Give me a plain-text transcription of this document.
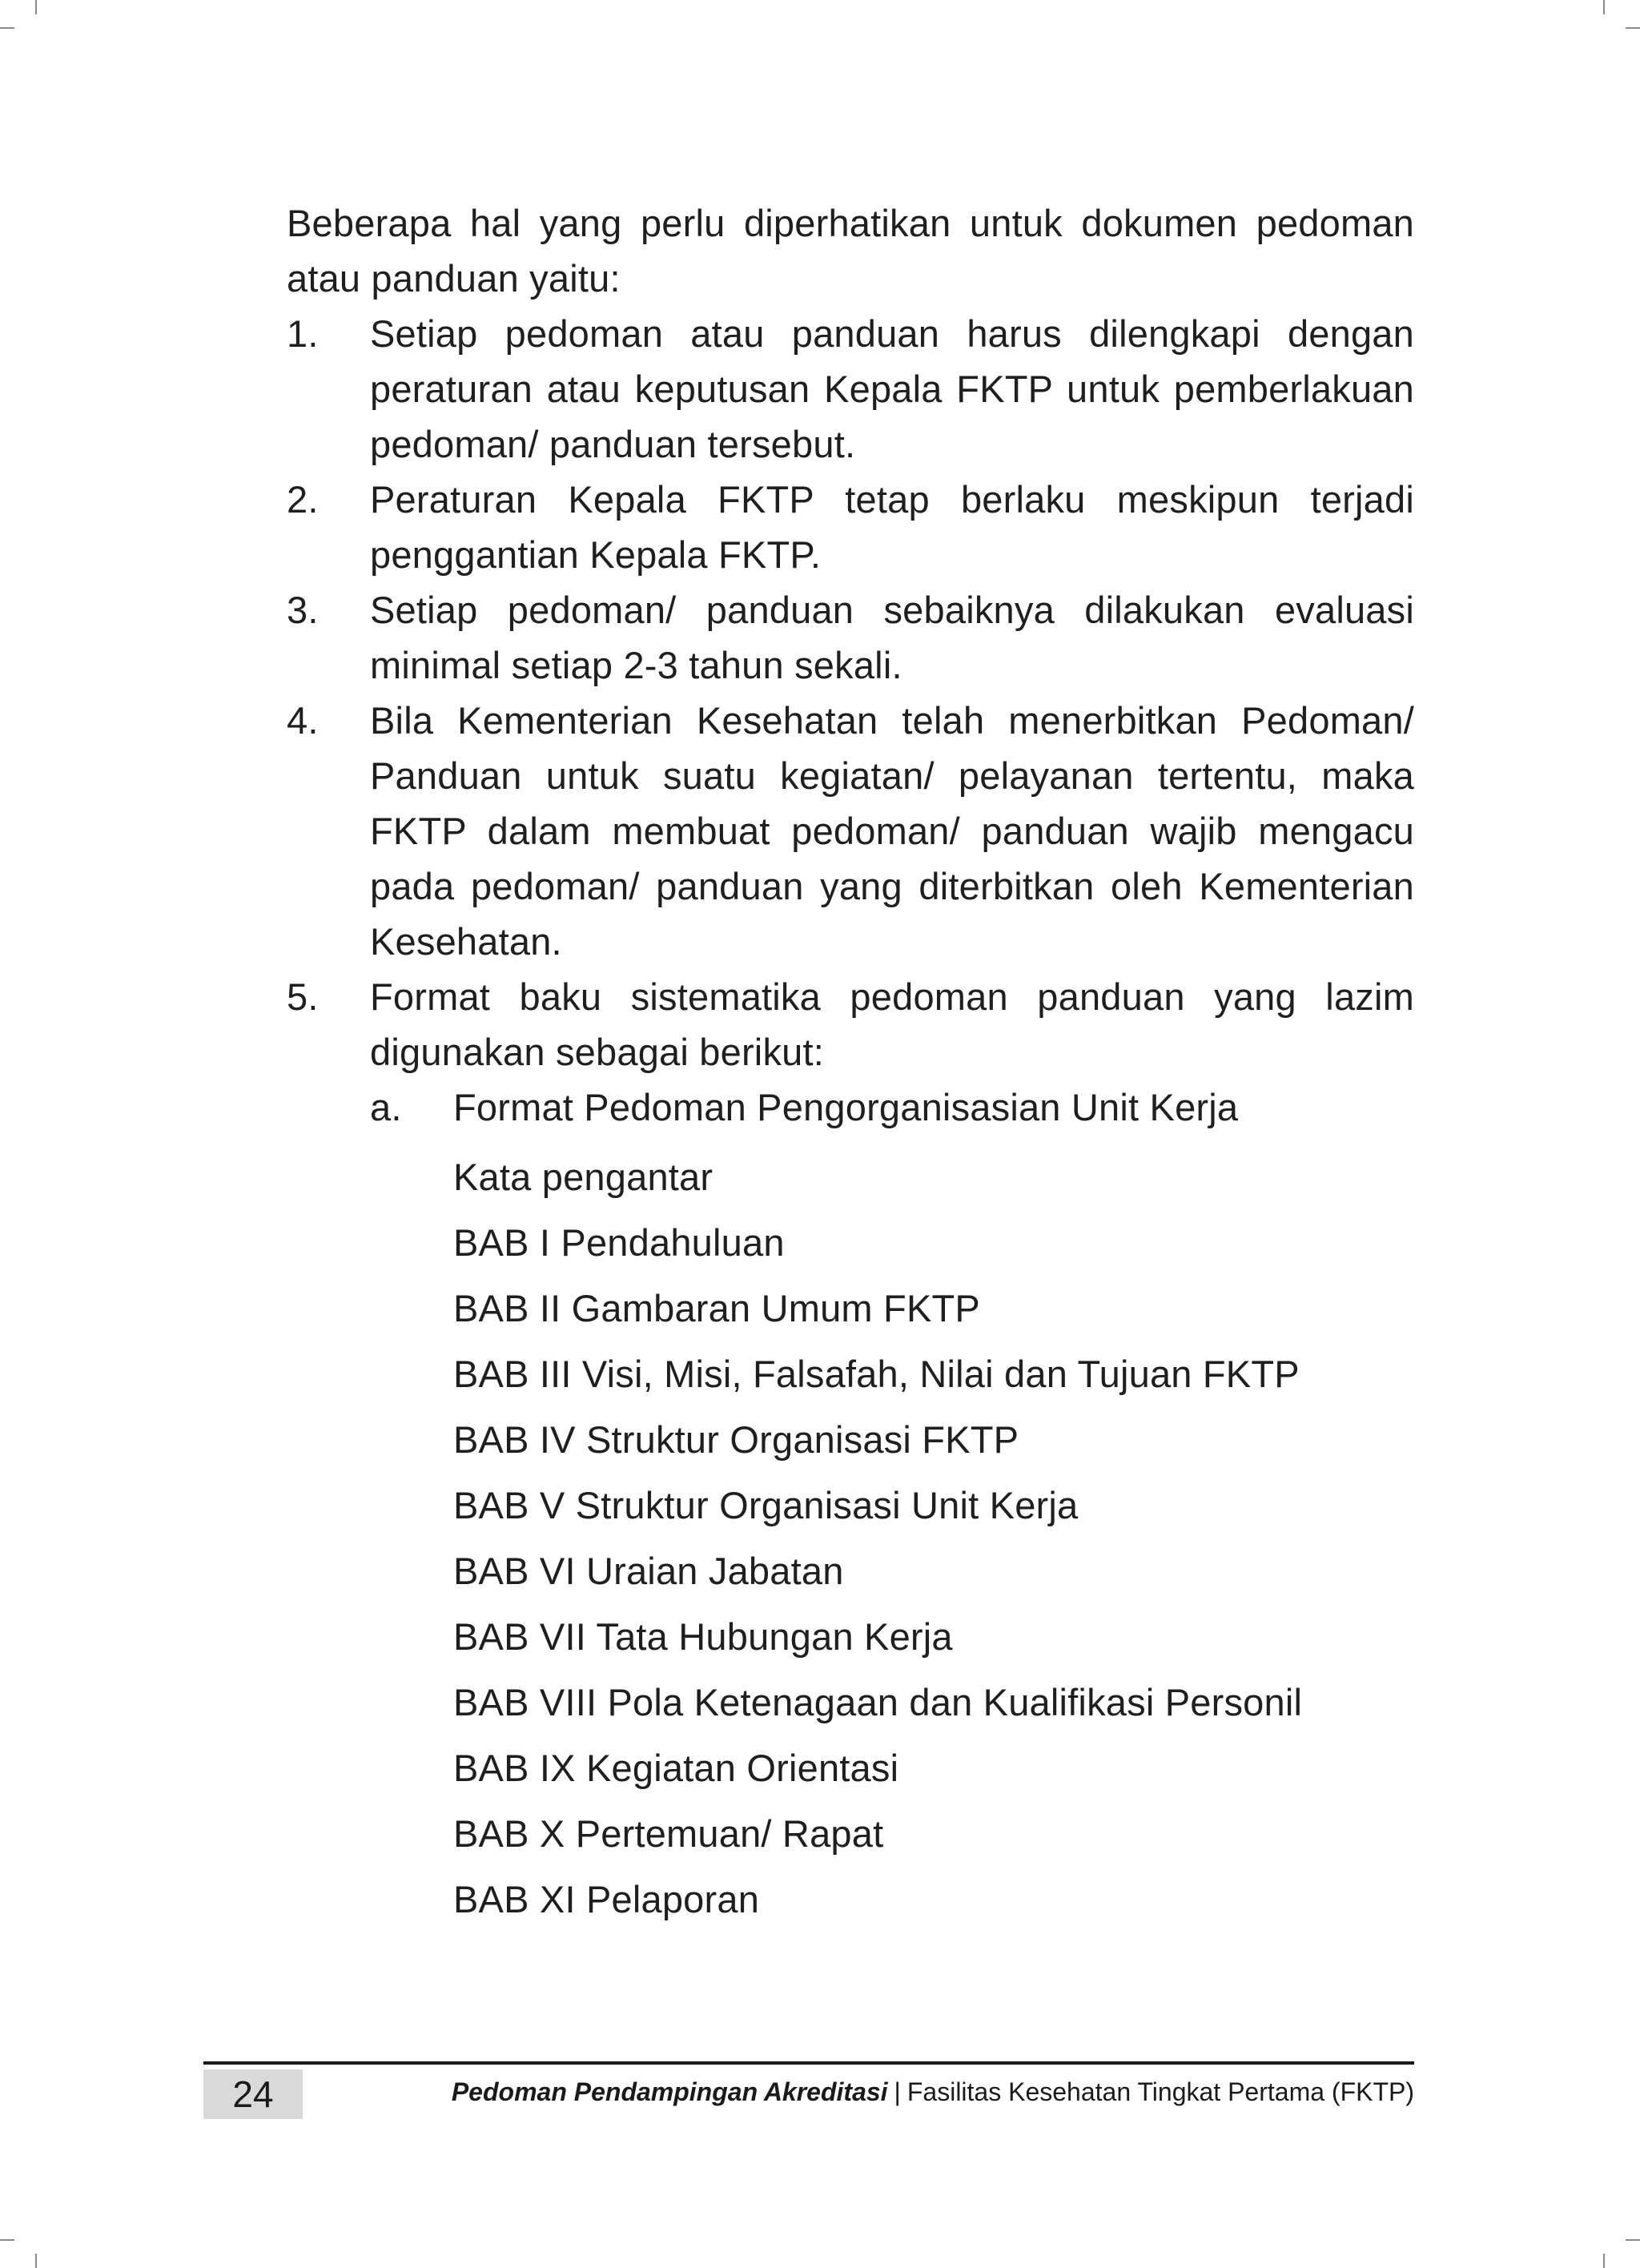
Beberapa hal yang perlu diperhatikan untuk dokumen pedoman atau panduan yaitu:

1. Setiap pedoman atau panduan harus dilengkapi dengan peraturan atau keputusan Kepala FKTP untuk pemberlakuan pedoman/ panduan tersebut.
2. Peraturan Kepala FKTP tetap berlaku meskipun terjadi penggantian Kepala FKTP.
3. Setiap pedoman/ panduan sebaiknya dilakukan evaluasi minimal setiap 2-3 tahun sekali.
4. Bila Kementerian Kesehatan telah menerbitkan Pedoman/ Panduan untuk suatu kegiatan/ pelayanan tertentu, maka FKTP dalam membuat pedoman/ panduan wajib mengacu pada pedoman/ panduan yang diterbitkan oleh Kementerian Kesehatan.
5. Format baku sistematika pedoman panduan yang lazim digunakan sebagai berikut:
a. Format Pedoman Pengorganisasian Unit Kerja
Kata pengantar
BAB I Pendahuluan
BAB II Gambaran Umum FKTP
BAB III Visi, Misi, Falsafah, Nilai dan Tujuan FKTP
BAB IV Struktur Organisasi FKTP
BAB V Struktur Organisasi Unit Kerja
BAB VI Uraian Jabatan
BAB VII Tata Hubungan Kerja
BAB VIII Pola Ketenagaan dan Kualifikasi Personil
BAB IX Kegiatan Orientasi
BAB X Pertemuan/ Rapat
BAB XI Pelaporan
24	Pedoman Pendampingan Akreditasi | Fasilitas Kesehatan Tingkat Pertama (FKTP)
